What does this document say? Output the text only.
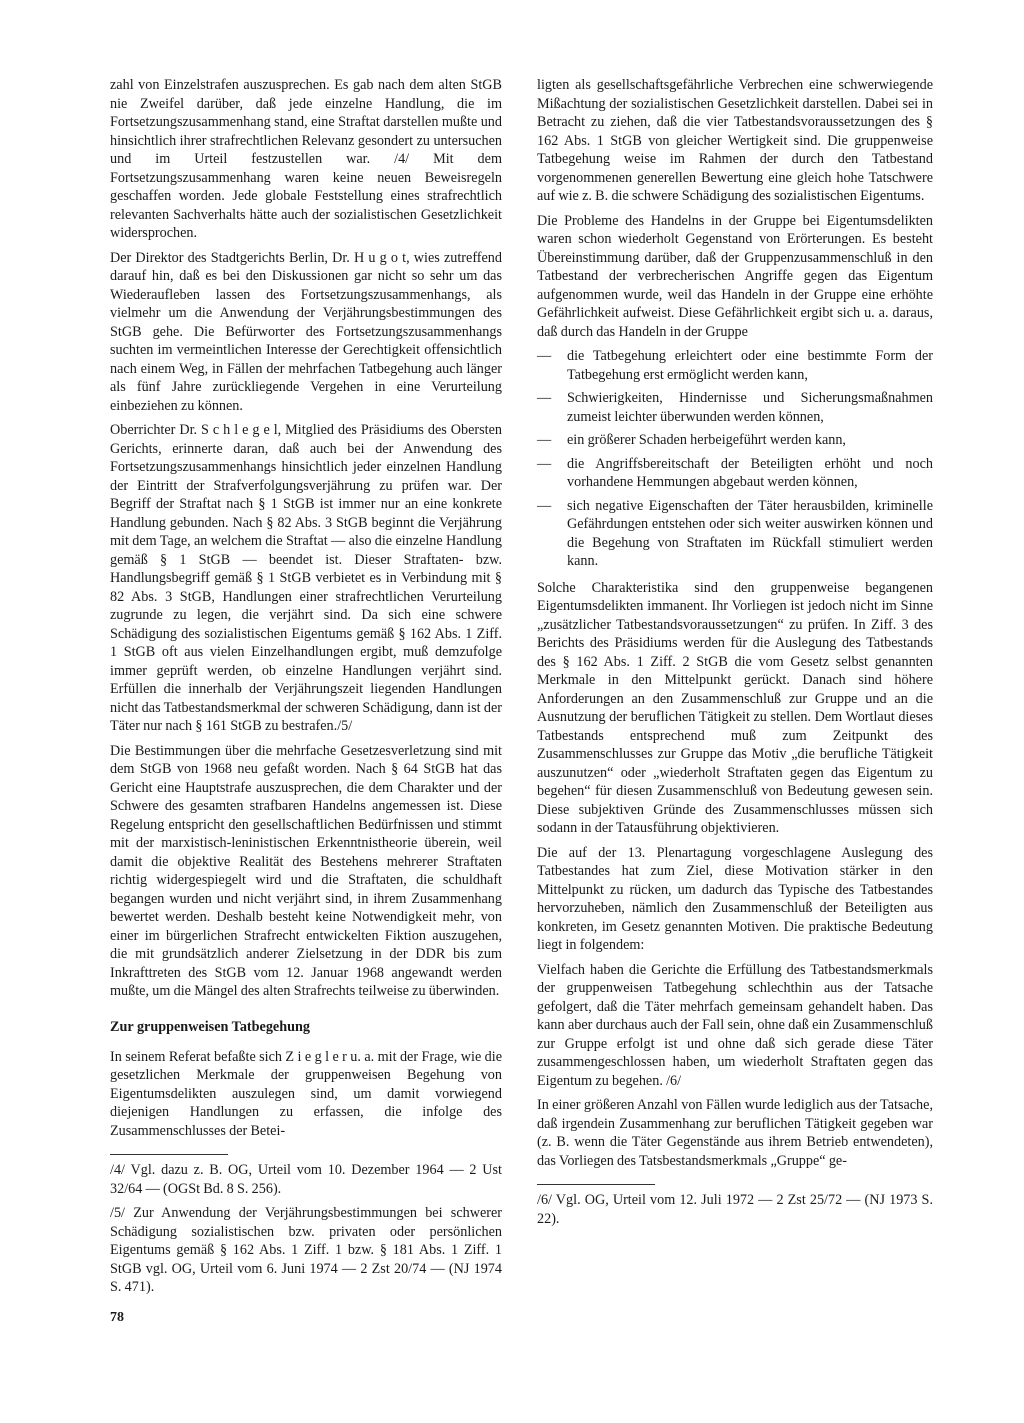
zahl von Einzelstrafen auszusprechen. Es gab nach dem alten StGB nie Zweifel darüber, daß jede einzelne Handlung, die im Fortsetzungszusammenhang stand, eine Straftat darstellen mußte und hinsichtlich ihrer strafrechtlichen Relevanz gesondert zu untersuchen und im Urteil festzustellen war. /4/ Mit dem Fortsetzungszusammenhang waren keine neuen Beweisregeln geschaffen worden. Jede globale Feststellung eines strafrechtlich relevanten Sachverhalts hätte auch der sozialistischen Gesetzlichkeit widersprochen.

Der Direktor des Stadtgerichts Berlin, Dr. H u g o t, wies zutreffend darauf hin, daß es bei den Diskussionen gar nicht so sehr um das Wiederaufleben lassen des Fortsetzungszusammenhangs, als vielmehr um die Anwendung der Verjährungsbestimmungen des StGB gehe. Die Befürworter des Fortsetzungszusammenhangs suchten im vermeintlichen Interesse der Gerechtigkeit offensichtlich nach einem Weg, in Fällen der mehrfachen Tatbegehung auch länger als fünf Jahre zurückliegende Vergehen in eine Verurteilung einbeziehen zu können.

Oberrichter Dr. S c h l e g e l, Mitglied des Präsidiums des Obersten Gerichts, erinnerte daran, daß auch bei der Anwendung des Fortsetzungszusammenhangs hinsichtlich jeder einzelnen Handlung der Eintritt der Strafverfolgungsverjährung zu prüfen war. Der Begriff der Straftat nach § 1 StGB ist immer nur an eine konkrete Handlung gebunden. Nach § 82 Abs. 3 StGB beginnt die Verjährung mit dem Tage, an welchem die Straftat — also die einzelne Handlung gemäß § 1 StGB — beendet ist. Dieser Straftaten- bzw. Handlungsbegriff gemäß § 1 StGB verbietet es in Verbindung mit § 82 Abs. 3 StGB, Handlungen einer strafrechtlichen Verurteilung zugrunde zu legen, die verjährt sind. Da sich eine schwere Schädigung des sozialistischen Eigentums gemäß § 162 Abs. 1 Ziff. 1 StGB oft aus vielen Einzelhandlungen ergibt, muß demzufolge immer geprüft werden, ob einzelne Handlungen verjährt sind. Erfüllen die innerhalb der Verjährungszeit liegenden Handlungen nicht das Tatbestandsmerkmal der schweren Schädigung, dann ist der Täter nur nach § 161 StGB zu bestrafen./5/

Die Bestimmungen über die mehrfache Gesetzesverletzung sind mit dem StGB von 1968 neu gefaßt worden. Nach § 64 StGB hat das Gericht eine Hauptstrafe auszusprechen, die dem Charakter und der Schwere des gesamten strafbaren Handelns angemessen ist. Diese Regelung entspricht den gesellschaftlichen Bedürfnissen und stimmt mit der marxistisch-leninistischen Erkenntnistheorie überein, weil damit die objektive Realität des Bestehens mehrerer Straftaten richtig widergespiegelt wird und die Straftaten, die schuldhaft begangen wurden und nicht verjährt sind, in ihrem Zusammenhang bewertet werden. Deshalb besteht keine Notwendigkeit mehr, von einer im bürgerlichen Strafrecht entwickelten Fiktion auszugehen, die mit grundsätzlich anderer Zielsetzung in der DDR bis zum Inkrafttreten des StGB vom 12. Januar 1968 angewandt werden mußte, um die Mängel des alten Strafrechts teilweise zu überwinden.

Zur gruppenweisen Tatbegehung

In seinem Referat befaßte sich Z i e g l e r u. a. mit der Frage, wie die gesetzlichen Merkmale der gruppenweisen Begehung von Eigentumsdelikten auszulegen sind, um damit vorwiegend diejenigen Handlungen zu erfassen, die infolge des Zusammenschlusses der Betei-

/4/ Vgl. dazu z. B. OG, Urteil vom 10. Dezember 1964 — 2 Ust 32/64 — (OGSt Bd. 8 S. 256).

/5/ Zur Anwendung der Verjährungsbestimmungen bei schwerer Schädigung sozialistischen bzw. privaten oder persönlichen Eigentums gemäß § 162 Abs. 1 Ziff. 1 bzw. § 181 Abs. 1 Ziff. 1 StGB vgl. OG, Urteil vom 6. Juni 1974 — 2 Zst 20/74 — (NJ 1974 S. 471).

ligten als gesellschaftsgefährliche Verbrechen eine schwerwiegende Mißachtung der sozialistischen Gesetzlichkeit darstellen. Dabei sei in Betracht zu ziehen, daß die vier Tatbestandsvoraussetzungen des § 162 Abs. 1 StGB von gleicher Wertigkeit sind. Die gruppenweise Tatbegehung weise im Rahmen der durch den Tatbestand vorgenommenen generellen Bewertung eine gleich hohe Tatschwere auf wie z. B. die schwere Schädigung des sozialistischen Eigentums.

Die Probleme des Handelns in der Gruppe bei Eigentumsdelikten waren schon wiederholt Gegenstand von Erörterungen. Es besteht Übereinstimmung darüber, daß der Gruppenzusammenschluß in den Tatbestand der verbrecherischen Angriffe gegen das Eigentum aufgenommen wurde, weil das Handeln in der Gruppe eine erhöhte Gefährlichkeit aufweist. Diese Gefährlichkeit ergibt sich u. a. daraus, daß durch das Handeln in der Gruppe

— die Tatbegehung erleichtert oder eine bestimmte Form der Tatbegehung erst ermöglicht werden kann,
— Schwierigkeiten, Hindernisse und Sicherungsmaßnahmen zumeist leichter überwunden werden können,
— ein größerer Schaden herbeigeführt werden kann,
— die Angriffsbereitschaft der Beteiligten erhöht und noch vorhandene Hemmungen abgebaut werden können,
— sich negative Eigenschaften der Täter herausbilden, kriminelle Gefährdungen entstehen oder sich weiter auswirken können und die Begehung von Straftaten im Rückfall stimuliert werden kann.

Solche Charakteristika sind den gruppenweise begangenen Eigentumsdelikten immanent. Ihr Vorliegen ist jedoch nicht im Sinne „zusätzlicher Tatbestandsvoraussetzungen“ zu prüfen. In Ziff. 3 des Berichts des Präsidiums werden für die Auslegung des Tatbestands des § 162 Abs. 1 Ziff. 2 StGB die vom Gesetz selbst genannten Merkmale in den Mittelpunkt gerückt. Danach sind höhere Anforderungen an den Zusammenschluß zur Gruppe und an die Ausnutzung der beruflichen Tätigkeit zu stellen. Dem Wortlaut dieses Tatbestands entsprechend muß zum Zeitpunkt des Zusammenschlusses zur Gruppe das Motiv „die berufliche Tätigkeit auszunutzen“ oder „wiederholt Straftaten gegen das Eigentum zu begehen“ für diesen Zusammenschluß von Bedeutung gewesen sein. Diese subjektiven Gründe des Zusammenschlusses müssen sich sodann in der Tatausführung objektivieren.

Die auf der 13. Plenartagung vorgeschlagene Auslegung des Tatbestandes hat zum Ziel, diese Motivation stärker in den Mittelpunkt zu rücken, um dadurch das Typische des Tatbestandes hervorzuheben, nämlich den Zusammenschluß der Beteiligten aus konkreten, im Gesetz genannten Motiven. Die praktische Bedeutung liegt in folgendem:

Vielfach haben die Gerichte die Erfüllung des Tatbestandsmerkmals der gruppenweisen Tatbegehung schlechthin aus der Tatsache gefolgert, daß die Täter mehrfach gemeinsam gehandelt haben. Das kann aber durchaus auch der Fall sein, ohne daß ein Zusammenschluß zur Gruppe erfolgt ist und ohne daß sich gerade diese Täter zusammengeschlossen haben, um wiederholt Straftaten gegen das Eigentum zu begehen. /6/

In einer größeren Anzahl von Fällen wurde lediglich aus der Tatsache, daß irgendein Zusammenhang zur beruflichen Tätigkeit gegeben war (z. B. wenn die Täter Gegenstände aus ihrem Betrieb entwendeten), das Vorliegen des Tatsbestandsmerkmals „Gruppe“ ge-

/6/ Vgl. OG, Urteil vom 12. Juli 1972 — 2 Zst 25/72 — (NJ 1973 S. 22).

78
